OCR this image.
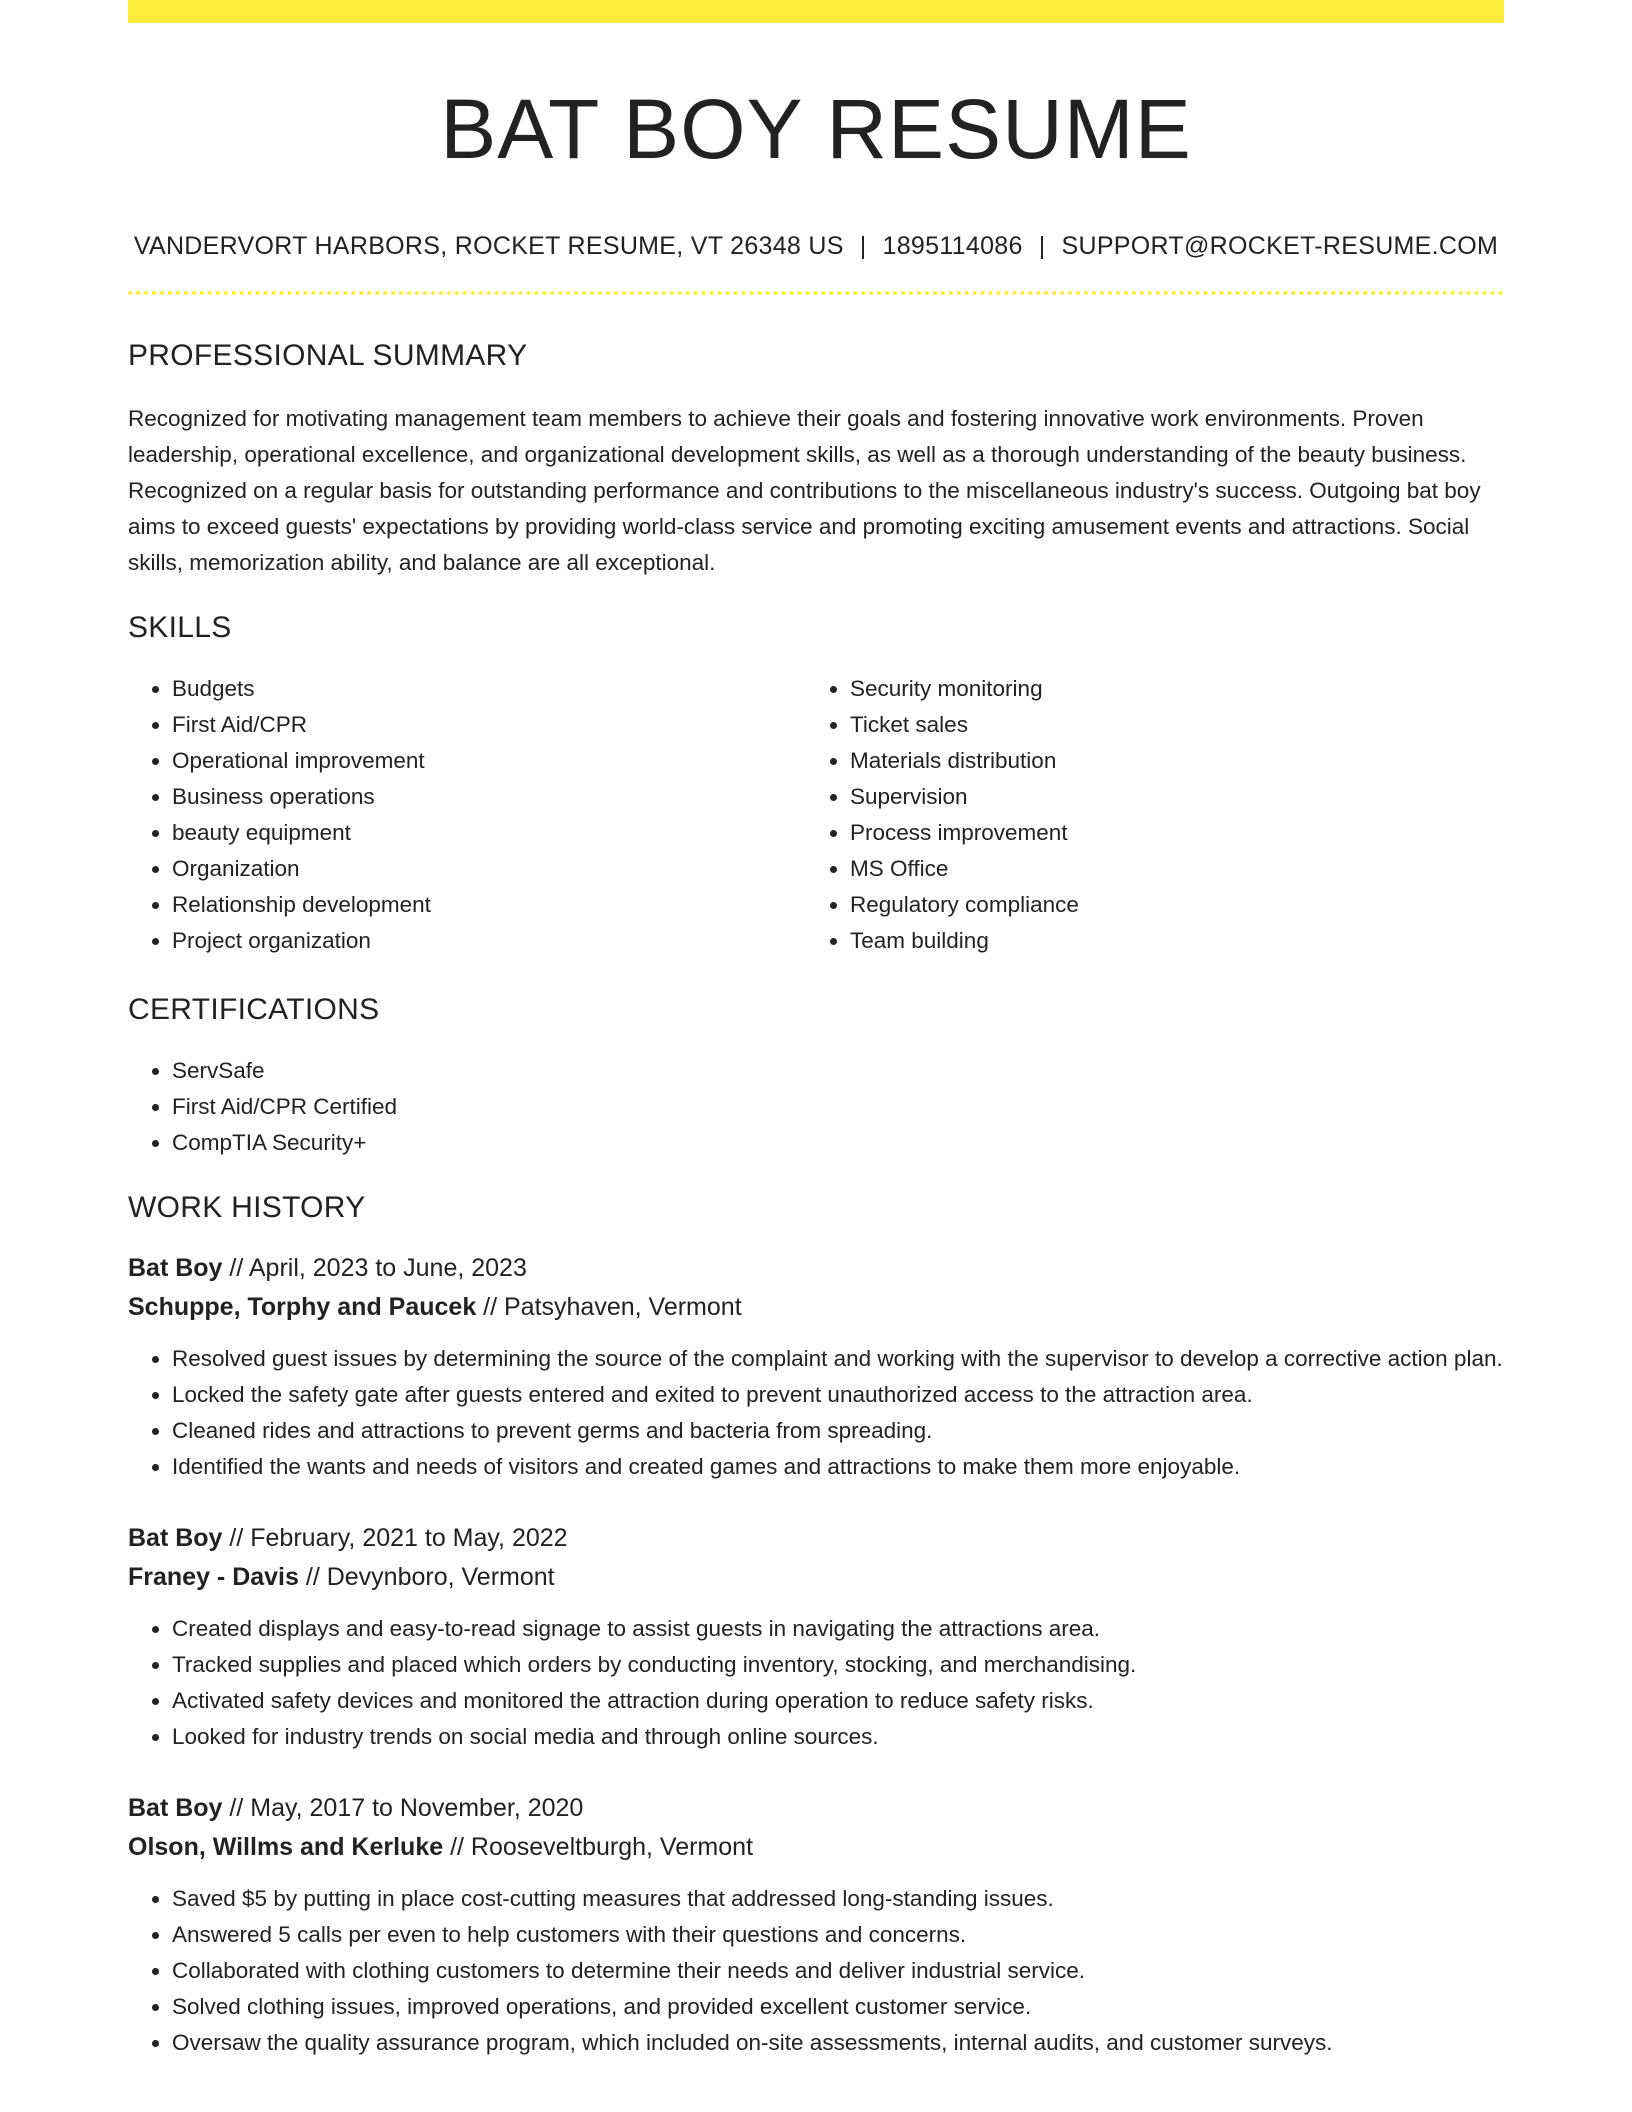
BAT BOY RESUME
VANDERVORT HARBORS, ROCKET RESUME, VT 26348 US | 1895114086 | SUPPORT@ROCKET-RESUME.COM
PROFESSIONAL SUMMARY

Recognized for motivating management team members to achieve their goals and fostering innovative work environments. Proven leadership, operational excellence, and organizational development skills, as well as a thorough understanding of the beauty business. Recognized on a regular basis for outstanding performance and contributions to the miscellaneous industry's success. Outgoing bat boy aims to exceed guests' expectations by providing world-class service and promoting exciting amusement events and attractions. Social skills, memorization ability, and balance are all exceptional.

SKILLS
• Budgets
• First Aid/CPR
• Operational improvement
• Business operations
• beauty equipment
• Organization
• Relationship development
• Project organization
• Security monitoring
• Ticket sales
• Materials distribution
• Supervision
• Process improvement
• MS Office
• Regulatory compliance
• Team building
CERTIFICATIONS
• ServSafe
• First Aid/CPR Certified
• CompTIA Security+
WORK HISTORY
Bat Boy // April, 2023 to June, 2023
Schuppe, Torphy and Paucek // Patsyhaven, Vermont
• Resolved guest issues by determining the source of the complaint and working with the supervisor to develop a corrective action plan.
• Locked the safety gate after guests entered and exited to prevent unauthorized access to the attraction area.
• Cleaned rides and attractions to prevent germs and bacteria from spreading.
• Identified the wants and needs of visitors and created games and attractions to make them more enjoyable.
Bat Boy // February, 2021 to May, 2022
Franey - Davis // Devynboro, Vermont
• Created displays and easy-to-read signage to assist guests in navigating the attractions area.
• Tracked supplies and placed which orders by conducting inventory, stocking, and merchandising.
• Activated safety devices and monitored the attraction during operation to reduce safety risks.
• Looked for industry trends on social media and through online sources.
Bat Boy // May, 2017 to November, 2020
Olson, Willms and Kerluke // Rooseveltburgh, Vermont
• Saved $5 by putting in place cost-cutting measures that addressed long-standing issues.
• Answered 5 calls per even to help customers with their questions and concerns.
• Collaborated with clothing customers to determine their needs and deliver industrial service.
• Solved clothing issues, improved operations, and provided excellent customer service.
• Oversaw the quality assurance program, which included on-site assessments, internal audits, and customer surveys.
